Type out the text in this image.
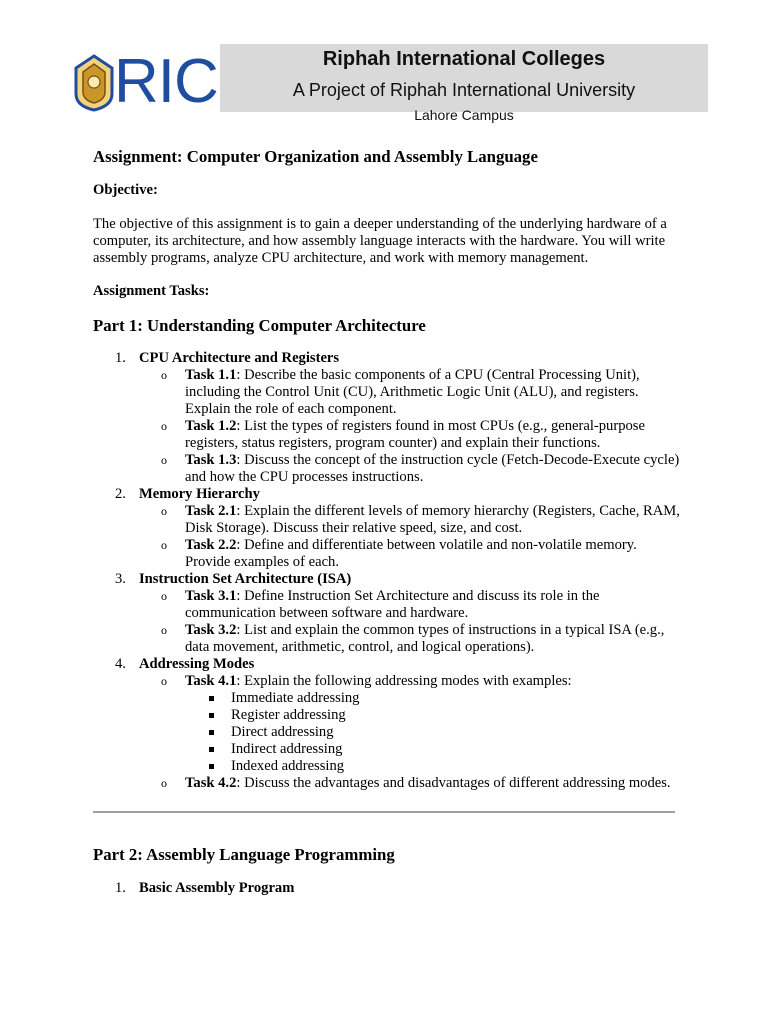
RIC	Riphah International Colleges
A Project of Riphah International University
Lahore Campus
Assignment: Computer Organization and Assembly Language

Objective:

The objective of this assignment is to gain a deeper understanding of the underlying hardware of a computer, its architecture, and how assembly language interacts with the hardware. You will write assembly programs, analyze CPU architecture, and work with memory management.

Assignment Tasks:

Part 1: Understanding Computer Architecture
1. CPU Architecture and Registers
o Task 1.1: Describe the basic components of a CPU (Central Processing Unit), including the Control Unit (CU), Arithmetic Logic Unit (ALU), and registers. Explain the role of each component.
o Task 1.2: List the types of registers found in most CPUs (e.g., general-purpose registers, status registers, program counter) and explain their functions.
o Task 1.3: Discuss the concept of the instruction cycle (Fetch-Decode-Execute cycle) and how the CPU processes instructions.
2. Memory Hierarchy
o Task 2.1: Explain the different levels of memory hierarchy (Registers, Cache, RAM, Disk Storage). Discuss their relative speed, size, and cost.
o Task 2.2: Define and differentiate between volatile and non-volatile memory. Provide examples of each.
3. Instruction Set Architecture (ISA)
o Task 3.1: Define Instruction Set Architecture and discuss its role in the communication between software and hardware.
o Task 3.2: List and explain the common types of instructions in a typical ISA (e.g., data movement, arithmetic, control, and logical operations).
4. Addressing Modes
o Task 4.1: Explain the following addressing modes with examples:
Immediate addressing
Register addressing
Direct addressing
Indirect addressing
Indexed addressing
o Task 4.2: Discuss the advantages and disadvantages of different addressing modes.
Part 2: Assembly Language Programming
1. Basic Assembly Program
